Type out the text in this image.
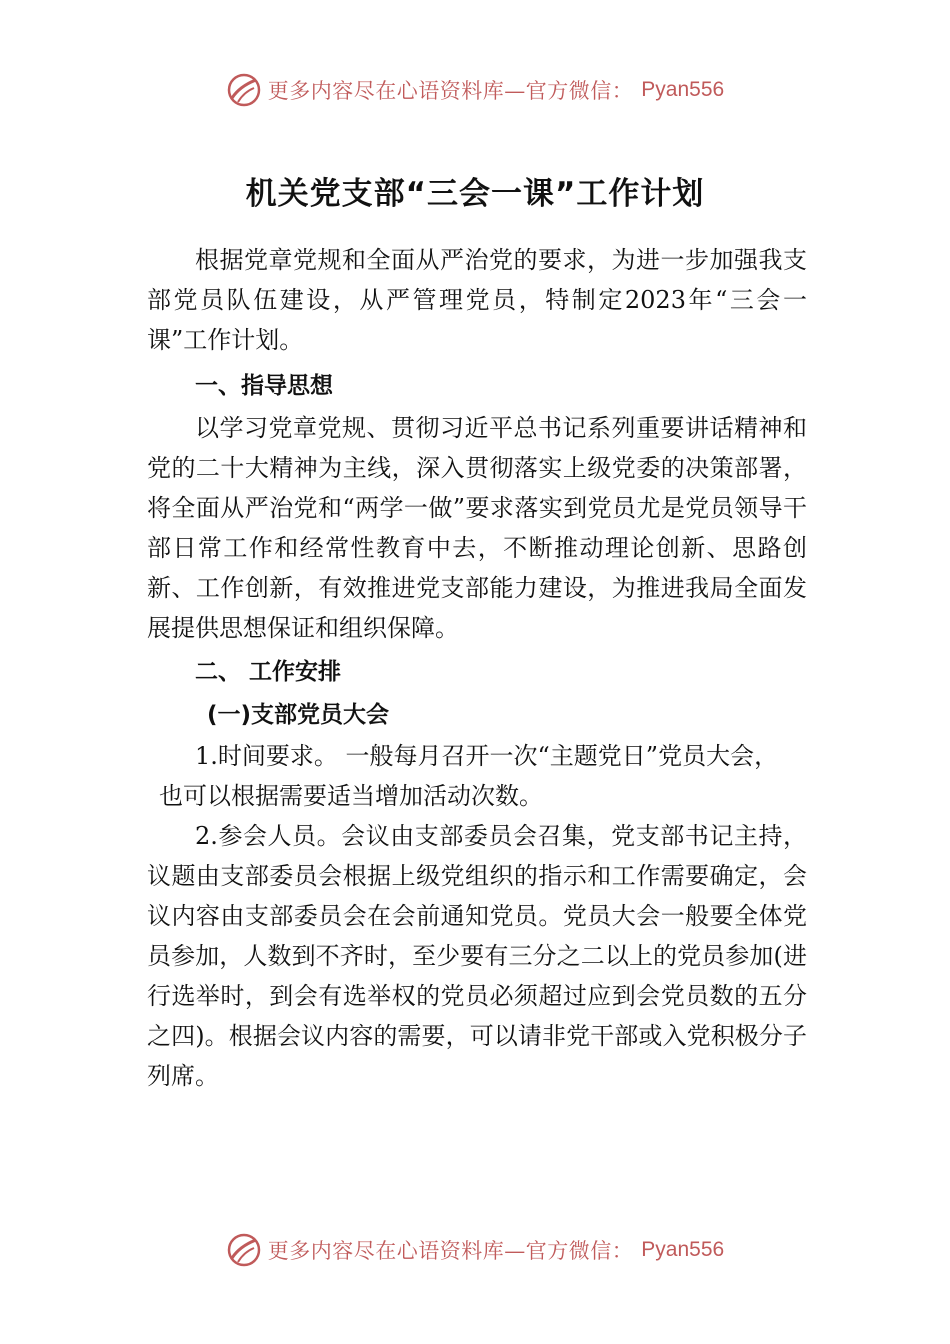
更多内容尽在心语资料库—官方微信： Pyan556
机关党支部“三会一课”工作计划

根据党章党规和全面从严治党的要求，为进一步加强我支部党员队伍建设，从严管理党员，特制定2023年“三会一课”工作计划。

一、指导思想

以学习党章党规、贯彻习近平总书记系列重要讲话精神和党的二十大精神为主线，深入贯彻落实上级党委的决策部署，将全面从严治党和“两学一做”要求落实到党员尤是党员领导干部日常工作和经常性教育中去，不断推动理论创新、思路创新、工作创新，有效推进党支部能力建设，为推进我局全面发展提供思想保证和组织保障。

二、 工作安排

(一)支部党员大会

1.时间要求。 一般每月召开一次“主题党日”党员大会，

也可以根据需要适当增加活动次数。

2.参会人员。会议由支部委员会召集，党支部书记主持，议题由支部委员会根据上级党组织的指示和工作需要确定，会议内容由支部委员会在会前通知党员。党员大会一般要全体党员参加，人数到不齐时，至少要有三分之二以上的党员参加(进行选举时，到会有选举权的党员必须超过应到会党员数的五分之四)。根据会议内容的需要，可以请非党干部或入党积极分子列席。

更多内容尽在心语资料库—官方微信： Pyan556
